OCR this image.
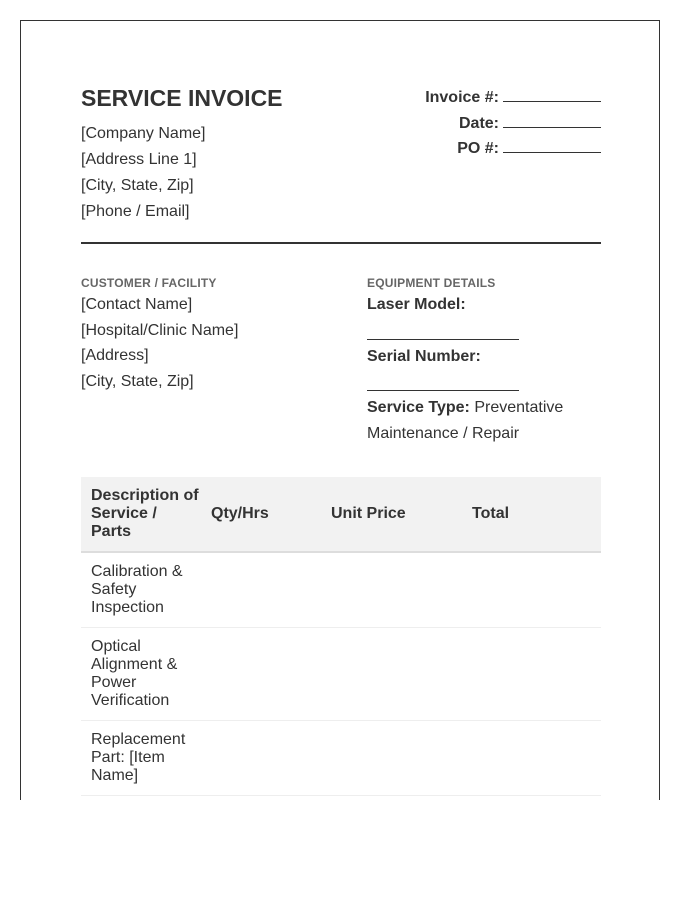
SERVICE INVOICE
[Company Name]
[Address Line 1]
[City, State, Zip]
[Phone / Email]
Invoice #:
Date:
PO #:
CUSTOMER / FACILITY
[Contact Name]
[Hospital/Clinic Name]
[Address]
[City, State, Zip]
EQUIPMENT DETAILS
Laser Model:
Serial Number:
Service Type: Preventative Maintenance / Repair
Description of Service / Parts
Qty/Hrs	Unit Price	Total
Calibration & Safety Inspection
Optical Alignment & Power Verification
Replacement Part: [Item Name]
